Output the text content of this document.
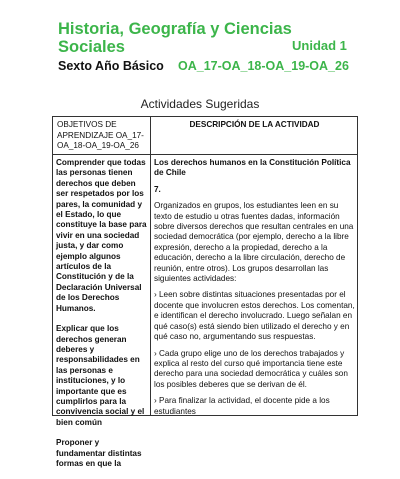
Historia, Geografía y Ciencias Sociales	Unidad 1
Sexto Año Básico OA_17-OA_18-OA_19-OA_26
Actividades Sugeridas
OBJETIVOS DE APRENDIZAJE OA_17-OA_18-OA_19-OA_26
DESCRIPCIÓN DE LA ACTIVIDAD
Comprender que todas las personas tienen derechos que deben ser respetados por los pares, la comunidad y el Estado, lo que constituye la base para vivir en una sociedad justa, y dar como ejemplo algunos artículos de la Constitución y de la Declaración Universal de los Derechos Humanos.
Explicar que los derechos generan deberes y responsabilidades en las personas e instituciones, y lo importante que es cumplirlos para la convivencia social y el bien común
Proponer y fundamentar distintas formas en que la
Los derechos humanos en la Constitución Política de Chile
7.
Organizados en grupos, los estudiantes leen en su texto de estudio u otras fuentes dadas, información sobre diversos derechos que resultan centrales en una sociedad democrática (por ejemplo, derecho a la libre expresión, derecho a la propiedad, derecho a la educación, derecho a la libre circulación, derecho de reunión, entre otros). Los grupos desarrollan las siguientes actividades:
› Leen sobre distintas situaciones presentadas por el docente que involucren estos derechos. Los comentan, e identifican el derecho involucrado. Luego señalan en qué caso(s) está siendo bien utilizado el derecho y en qué caso no, argumentando sus respuestas.
› Cada grupo elige uno de los derechos trabajados y explica al resto del curso qué importancia tiene este derecho para una sociedad democrática y cuáles son los posibles deberes que se derivan de él.
› Para finalizar la actividad, el docente pide a los estudiantes
